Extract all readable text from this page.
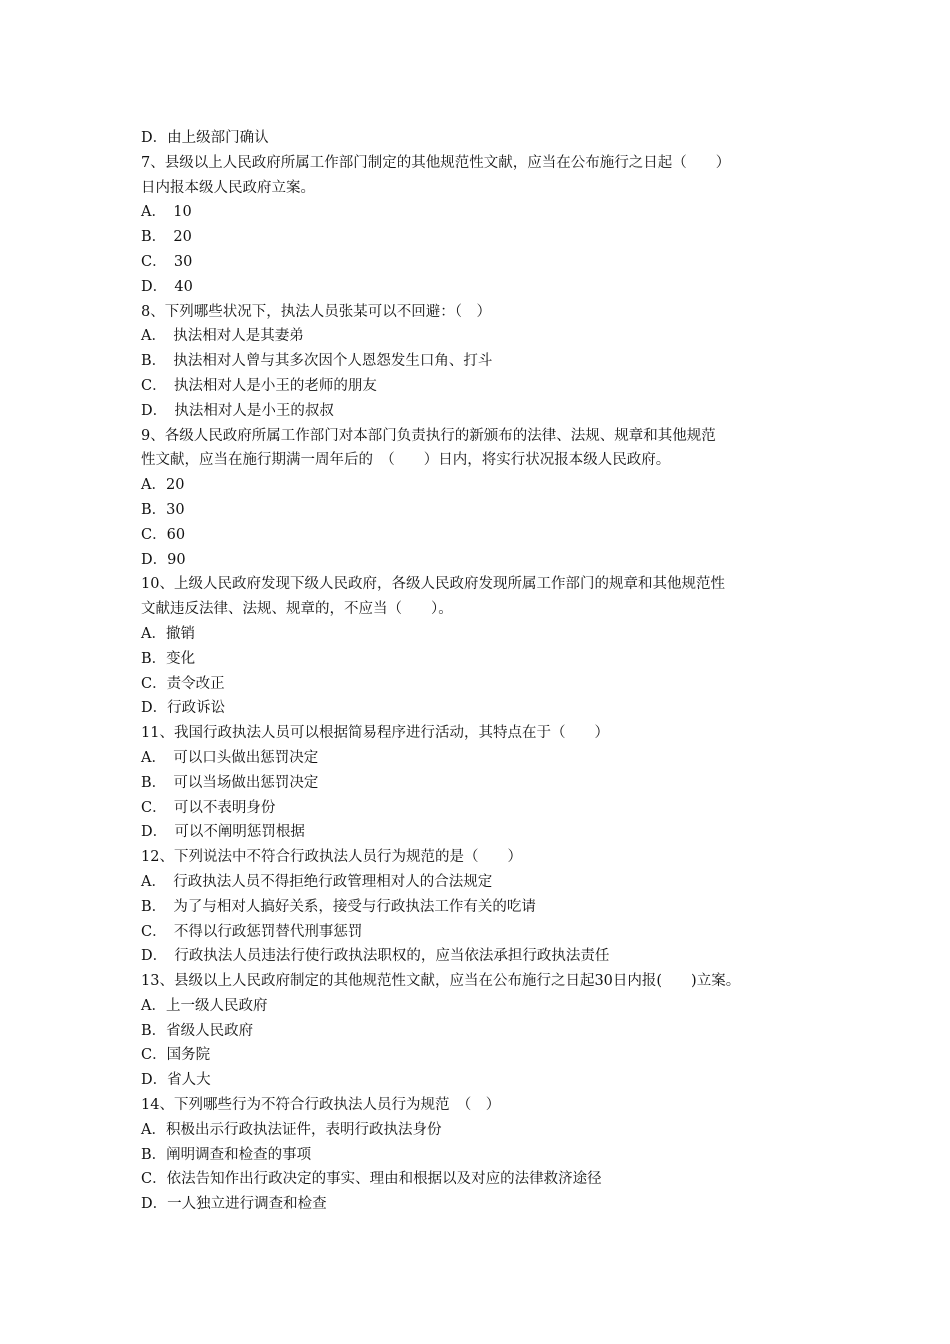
D．由上级部门确认
7、县级以上人民政府所属工作部门制定的其他规范性文献，应当在公布施行之日起（　　）
日内报本级人民政府立案。
A．　10
B．　20
C．　30
D．　40
8、下列哪些状况下，执法人员张某可以不回避：（　）
A．　执法相对人是其妻弟
B．　执法相对人曾与其多次因个人恩怨发生口角、打斗
C．　执法相对人是小王的老师的朋友
D．　执法相对人是小王的叔叔
9、各级人民政府所属工作部门对本部门负责执行的新颁布的法律、法规、规章和其他规范
性文献，应当在施行期满一周年后的　（　　）日内，将实行状况报本级人民政府。
A．20
B．30
C．60
D．90
10、上级人民政府发现下级人民政府，各级人民政府发现所属工作部门的规章和其他规范性
文献违反法律、法规、规章的，不应当（　　）。
A．撤销
B．变化
C．责令改正
D．行政诉讼
11、我国行政执法人员可以根据简易程序进行活动，其特点在于（　　）
A．　可以口头做出惩罚决定
B．　可以当场做出惩罚决定
C．　可以不表明身份
D．　可以不阐明惩罚根据
12、下列说法中不符合行政执法人员行为规范的是（　　）
A．　行政执法人员不得拒绝行政管理相对人的合法规定
B．　为了与相对人搞好关系，接受与行政执法工作有关的吃请
C．　不得以行政惩罚替代刑事惩罚
D．　行政执法人员违法行使行政执法职权的，应当依法承担行政执法责任
13、县级以上人民政府制定的其他规范性文献，应当在公布施行之日起30日内报(　　)立案。
A．上一级人民政府
B．省级人民政府
C．国务院
D．省人大
14、下列哪些行为不符合行政执法人员行为规范　（　）
A．积极出示行政执法证件，表明行政执法身份
B．阐明调查和检查的事项
C．依法告知作出行政决定的事实、理由和根据以及对应的法律救济途径
D．一人独立进行调查和检查
